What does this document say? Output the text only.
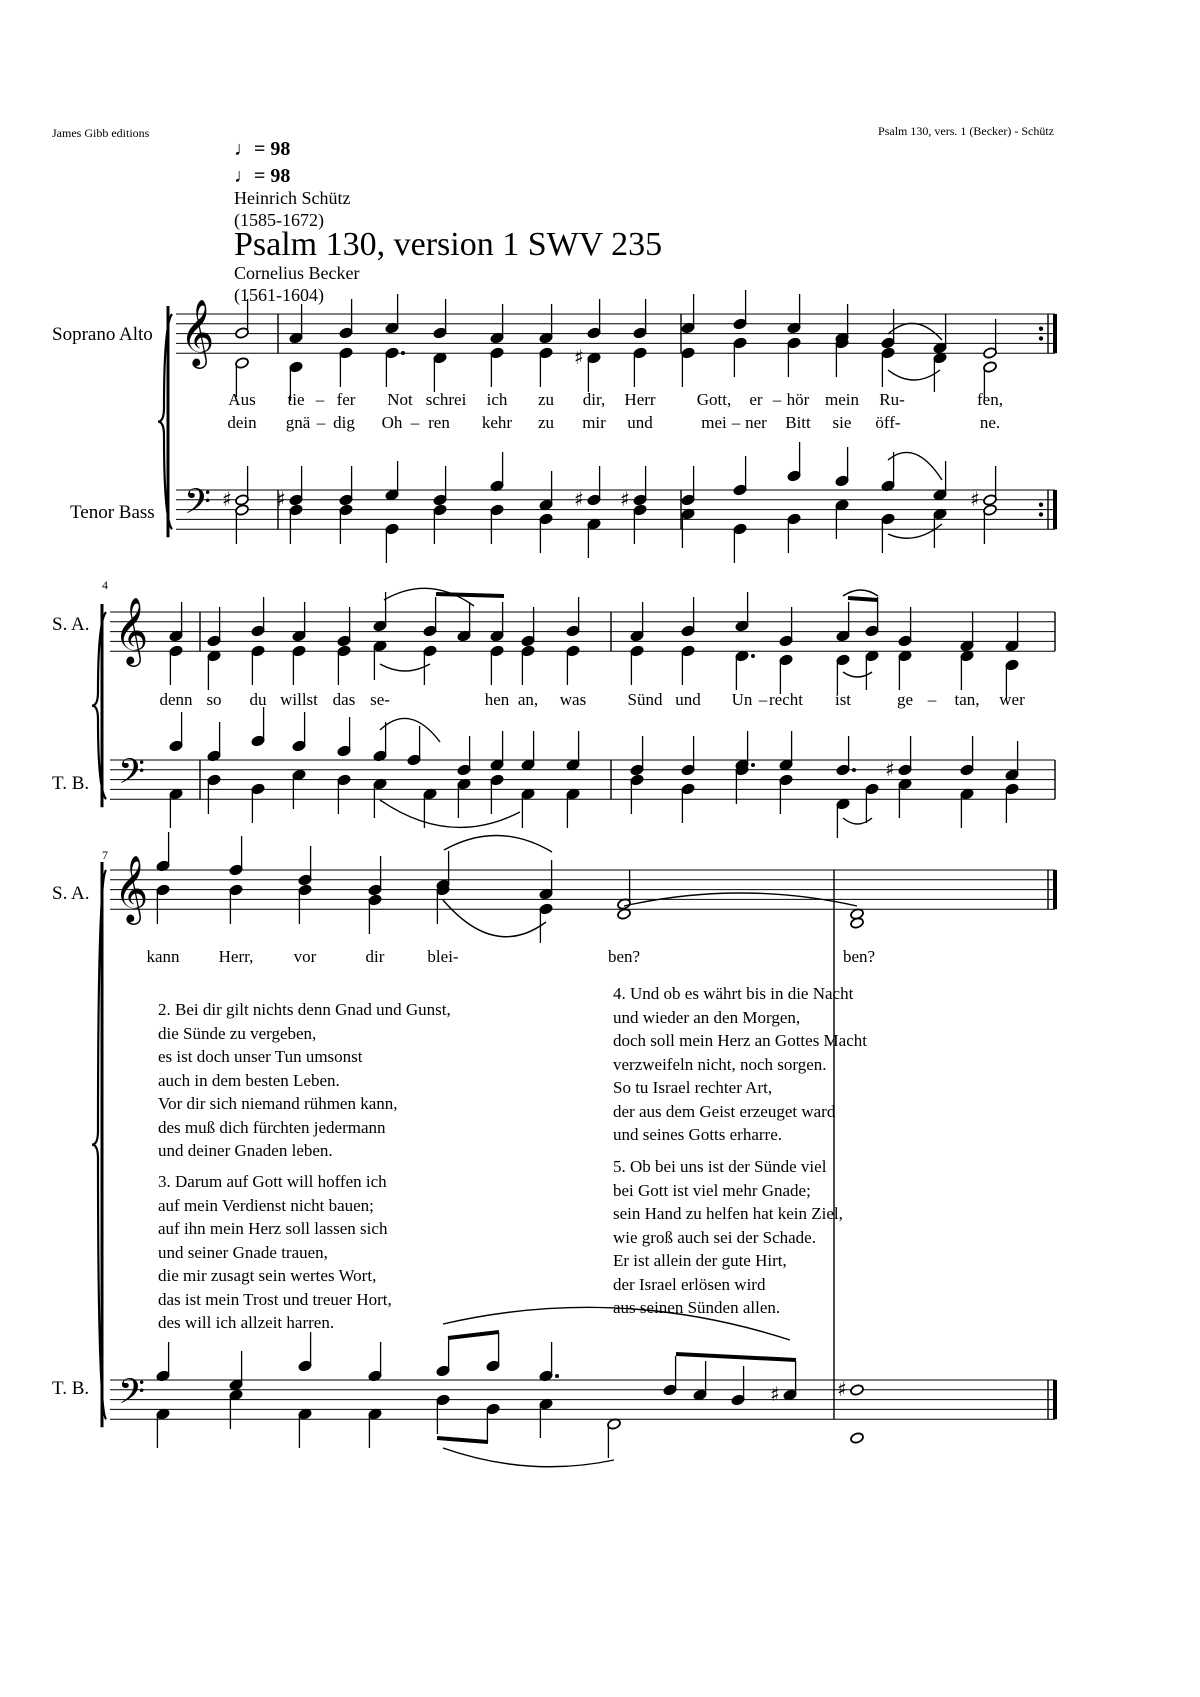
James Gibb editions	Psalm 130, vers. 1 (Becker) - Schütz
♩= 98
♩= 98
Heinrich Schütz
(1585-1672)
Psalm 130, version 1 SWV 235
Cornelius Becker
(1561-1604)
Soprano Alto
Tenor Bass
S. A.
T. B.
S. A.
T. B.
4
7
Aus tie – fer Not schrei ich zu dir, Herr Gott, er – hör mein Ru-	fen,
dein gnä – dig Oh – ren kehr zu mir und	mei – ner Bitt sie öff-	ne.
denn so du willst das se-	hen an, was Sünd und Un – recht ist	ge – tan, wer
kann Herr, vor	dir	blei-	ben?	ben?
2. Bei dir gilt nichts denn Gnad und Gunst,
die Sünde zu vergeben,
es ist doch unser Tun umsonst
auch in dem besten Leben.
Vor dir sich niemand rühmen kann,
des muß dich fürchten jedermann
und deiner Gnaden leben.
3. Darum auf Gott will hoffen ich
auf mein Verdienst nicht bauen;
auf ihn mein Herz soll lassen sich
und seiner Gnade trauen,
die mir zusagt sein wertes Wort,
das ist mein Trost und treuer Hort,
des will ich allzeit harren.
4. Und ob es währt bis in die Nacht
und wieder an den Morgen,
doch soll mein Herz an Gottes Macht
verzweifeln nicht, noch sorgen.
So tu Israel rechter Art,
der aus dem Geist erzeuget ward
und seines Gotts erharre.
5. Ob bei uns ist der Sünde viel
bei Gott ist viel mehr Gnade;
sein Hand zu helfen hat kein Ziel,
wie groß auch sei der Schade.
Er ist allein der gute Hirt,
der Israel erlösen wird
aus seinen Sünden allen.
𝄞
𝄢
♯
♯ ♯	♯ ♯	♯
𝄞
𝄢	♯
𝄞
𝄢	♯	♯
